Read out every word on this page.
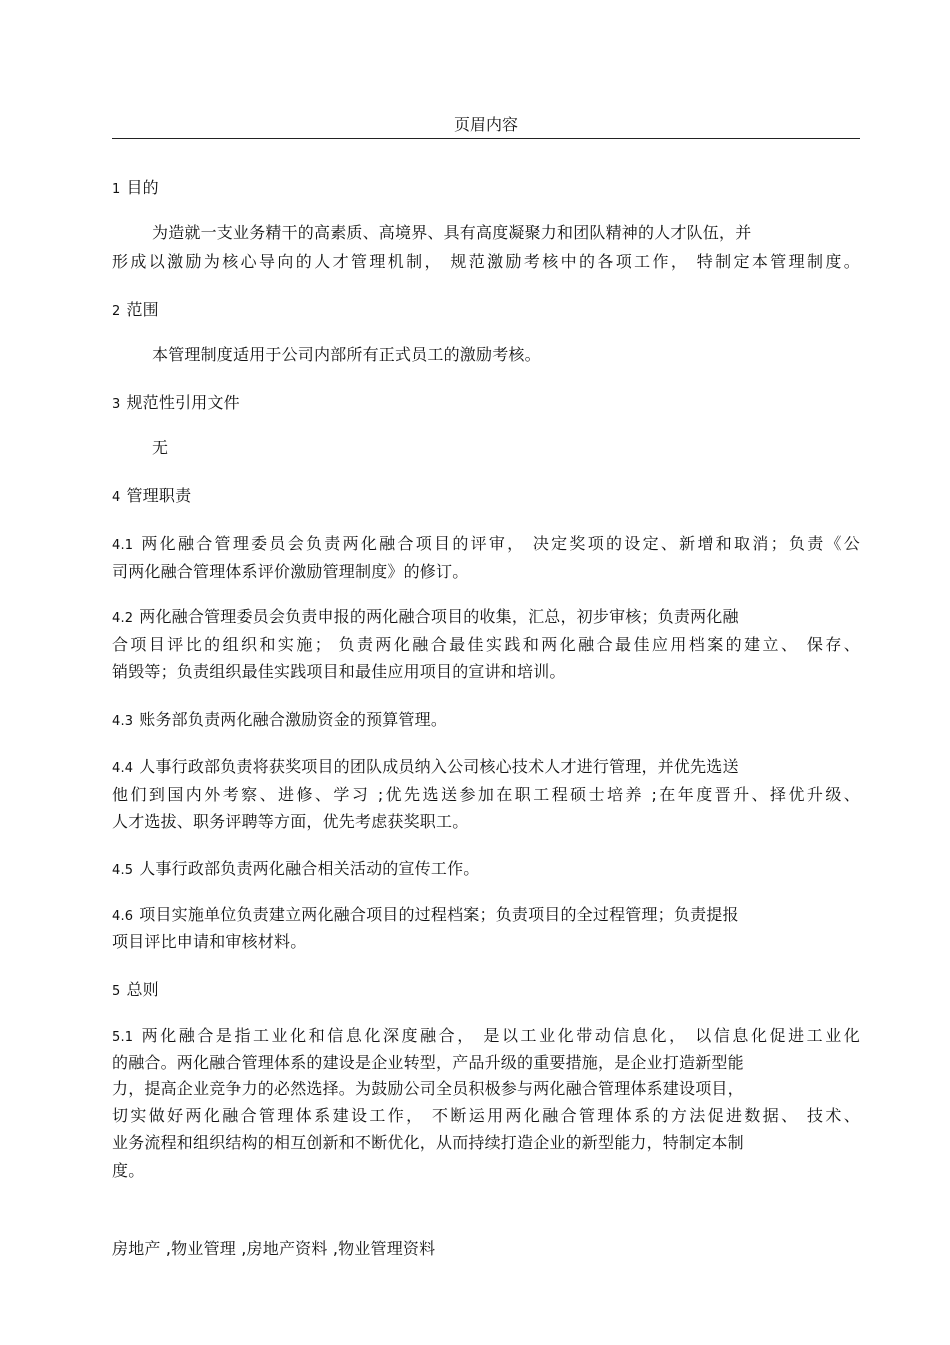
页眉内容
1 目的
为造就一支业务精干的高素质、高境界、具有高度凝聚力和团队精神的人才队伍，并
形成以激励为核心导向的人才管理机制， 规范激励考核中的各项工作， 特制定本管理制度。
2 范围
本管理制度适用于公司内部所有正式员工的激励考核。
3 规范性引用文件
无
4 管理职责
4.1 两化融合管理委员会负责两化融合项目的评审， 决定奖项的设定、新增和取消；负责《公
司两化融合管理体系评价激励管理制度》的修订。
4.2 两化融合管理委员会负责申报的两化融合项目的收集，汇总，初步审核；负责两化融
合项目评比的组织和实施； 负责两化融合最佳实践和两化融合最佳应用档案的建立、 保存、
销毁等；负责组织最佳实践项目和最佳应用项目的宣讲和培训。
4.3 账务部负责两化融合激励资金的预算管理。
4.4 人事行政部负责将获奖项目的团队成员纳入公司核心技术人才进行管理，并优先选送
他们到国内外考察、进修、学习 ;优先选送参加在职工程硕士培养 ;在年度晋升、择优升级、
人才选拔、职务评聘等方面，优先考虑获奖职工。
4.5 人事行政部负责两化融合相关活动的宣传工作。
4.6 项目实施单位负责建立两化融合项目的过程档案；负责项目的全过程管理；负责提报
项目评比申请和审核材料。
5 总则
5.1 两化融合是指工业化和信息化深度融合， 是以工业化带动信息化， 以信息化促进工业化
的融合。两化融合管理体系的建设是企业转型，产品升级的重要措施，是企业打造新型能
力，提高企业竞争力的必然选择。为鼓励公司全员积极参与两化融合管理体系建设项目，
切实做好两化融合管理体系建设工作， 不断运用两化融合管理体系的方法促进数据、 技术、
业务流程和组织结构的相互创新和不断优化，从而持续打造企业的新型能力，特制定本制
度。
房地产 ,物业管理 ,房地产资料 ,物业管理资料
